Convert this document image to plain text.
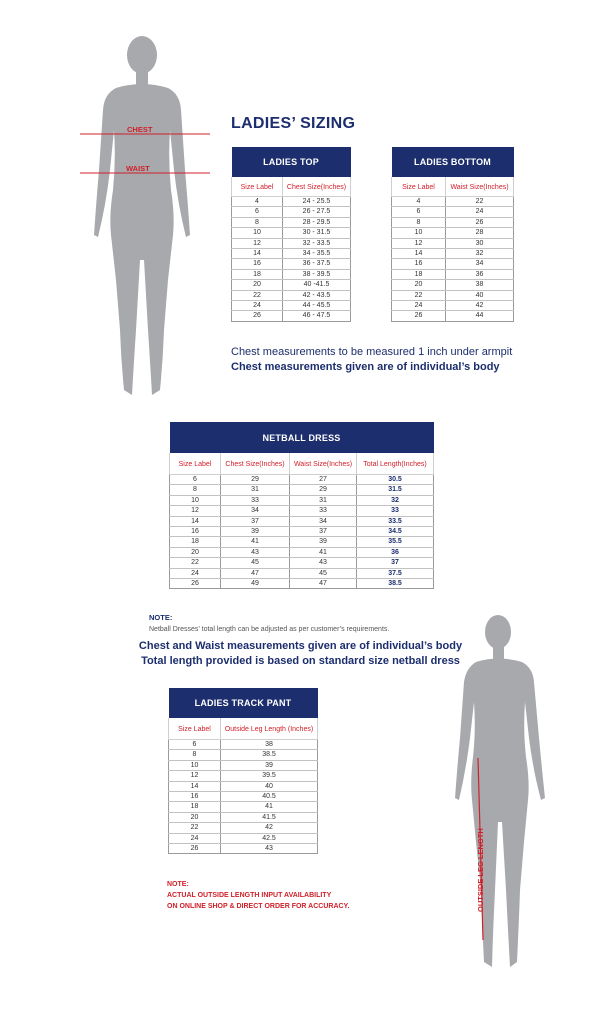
CHEST
WAIST
LADIES’ SIZING
LADIES TOP	
Size Label	Chest Size(Inches)
4	24 - 25.5
6	26 - 27.5
8	28 - 29.5
10	30 - 31.5
12	32 - 33.5
14	34 - 35.5
16	36 - 37.5
18	38 - 39.5
20	40 -41.5
22	42 - 43.5
24	44 - 45.5
26	46 - 47.5
LADIES BOTTOM	
Size Label	Waist Size(Inches)
4	22
6	24
8	26
10	28
12	30
14	32
16	34
18	36
20	38
22	40
24	42
26	44
Chest measurements to be measured 1 inch under armpit
Chest measurements given are of individual’s body
NETBALL DRESS			
Size Label	Chest Size(Inches)	Waist Size(Inches)	Total Length(Inches)
6	29	27	30.5
8	31	29	31.5
10	33	31	32
12	34	33	33
14	37	34	33.5
16	39	37	34.5
18	41	39	35.5
20	43	41	36
22	45	43	37
24	47	45	37.5
26	49	47	38.5
NOTE:
Netball Dresses’ total length can be adjusted as per customer’s requirements.
Chest and Waist measurements given are of individual’s body
Total length provided is based on standard size netball dress
LADIES TRACK PANT	
Size Label	Outside Leg Length (Inches)
6	38
8	38.5
10	39
12	39.5
14	40
16	40.5
18	41
20	41.5
22	42
24	42.5
26	43
NOTE:
ACTUAL OUTSIDE LENGTH INPUT AVAILABILITY
ON ONLINE SHOP & DIRECT ORDER FOR ACCURACY.	OUTSIDE LEG LENGTH
